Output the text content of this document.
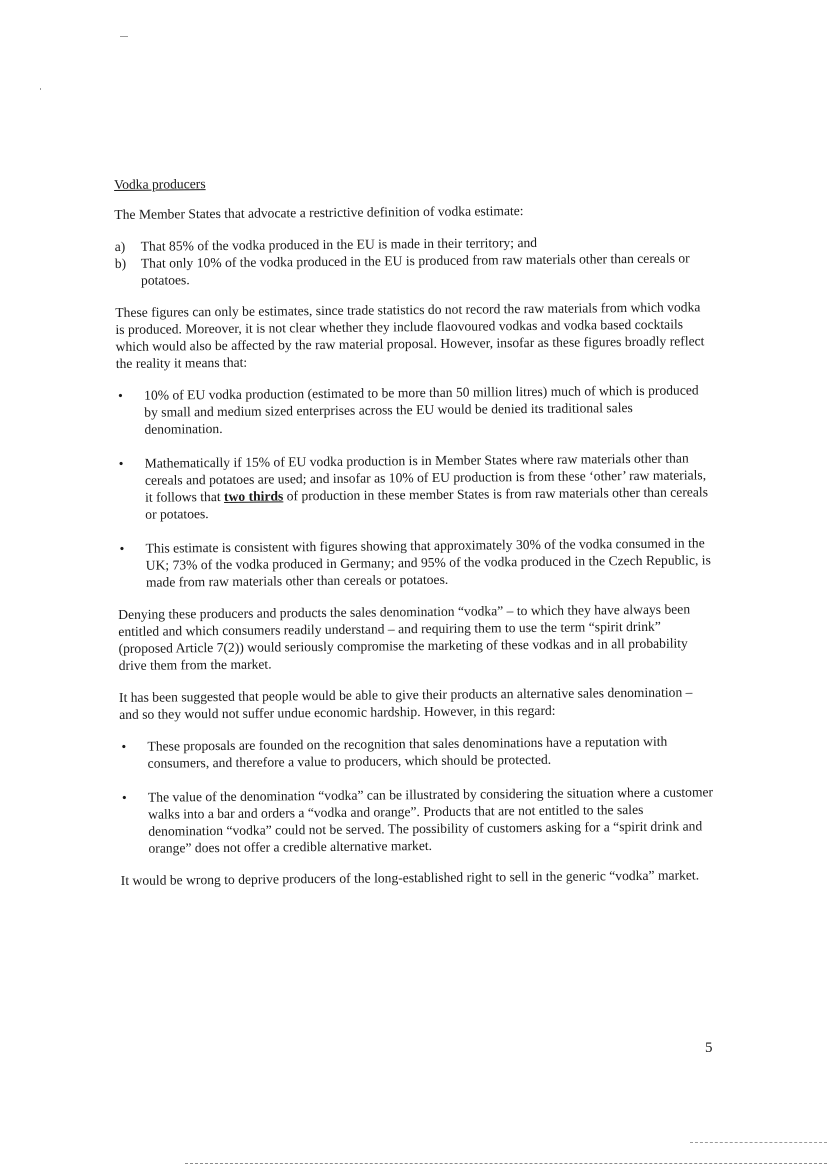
Vodka producers

The Member States that advocate a restrictive definition of vodka estimate:

a) That 85% of the vodka produced in the EU is made in their territory; and
b) That only 10% of the vodka produced in the EU is produced from raw materials other than cereals or potatoes.

These figures can only be estimates, since trade statistics do not record the raw materials from which vodka is produced. Moreover, it is not clear whether they include flaovoured vodkas and vodka based cocktails which would also be affected by the raw material proposal. However, insofar as these figures broadly reflect the reality it means that:

• 10% of EU vodka production (estimated to be more than 50 million litres) much of which is produced by small and medium sized enterprises across the EU would be denied its traditional sales denomination.
• Mathematically if 15% of EU vodka production is in Member States where raw materials other than cereals and potatoes are used; and insofar as 10% of EU production is from these ‘other’ raw materials, it follows that two thirds of production in these member States is from raw materials other than cereals or potatoes.
• This estimate is consistent with figures showing that approximately 30% of the vodka consumed in the UK; 73% of the vodka produced in Germany; and 95% of the vodka produced in the Czech Republic, is made from raw materials other than cereals or potatoes.

Denying these producers and products the sales denomination “vodka” – to which they have always been entitled and which consumers readily understand – and requiring them to use the term “spirit drink” (proposed Article 7(2)) would seriously compromise the marketing of these vodkas and in all probability drive them from the market.

It has been suggested that people would be able to give their products an alternative sales denomination – and so they would not suffer undue economic hardship. However, in this regard:

• These proposals are founded on the recognition that sales denominations have a reputation with consumers, and therefore a value to producers, which should be protected.
• The value of the denomination “vodka” can be illustrated by considering the situation where a customer walks into a bar and orders a “vodka and orange”. Products that are not entitled to the sales denomination “vodka” could not be served. The possibility of customers asking for a “spirit drink and orange” does not offer a credible alternative market.

It would be wrong to deprive producers of the long-established right to sell in the generic “vodka” market.

5
